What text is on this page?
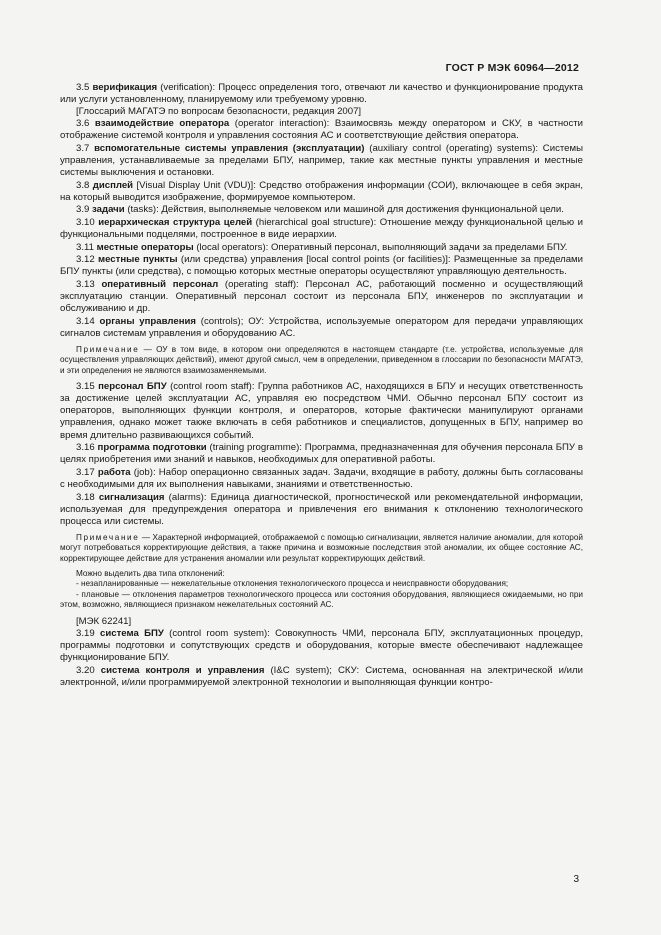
ГОСТ Р МЭК 60964—2012

3.5 верификация (verification): Процесс определения того, отвечают ли качество и функционирование продукта или услуги установленному, планируемому или требуемому уровню.

[Глоссарий МАГАТЭ по вопросам безопасности, редакция 2007]

3.6 взаимодействие оператора (operator interaction): Взаимосвязь между оператором и СКУ, в частности отображение системой контроля и управления состояния АС и соответствующие действия оператора.

3.7 вспомогательные системы управления (эксплуатации) (auxiliary control (operating) systems): Системы управления, устанавливаемые за пределами БПУ, например, такие как местные пункты управления и местные системы выключения и остановки.

3.8 дисплей [Visual Display Unit (VDU)]: Средство отображения информации (СОИ), включающее в себя экран, на который выводится изображение, формируемое компьютером.

3.9 задачи (tasks): Действия, выполняемые человеком или машиной для достижения функциональной цели.

3.10 иерархическая структура целей (hierarchical goal structure): Отношение между функциональной целью и функциональными подцелями, построенное в виде иерархии.

3.11 местные операторы (local operators): Оперативный персонал, выполняющий задачи за пределами БПУ.

3.12 местные пункты (или средства) управления [local control points (or facilities)]: Размещенные за пределами БПУ пункты (или средства), с помощью которых местные операторы осуществляют управляющую деятельность.

3.13 оперативный персонал (operating staff): Персонал АС, работающий посменно и осуществляющий эксплуатацию станции. Оперативный персонал состоит из персонала БПУ, инженеров по эксплуатации и обслуживанию и др.

3.14 органы управления (controls); ОУ: Устройства, используемые оператором для передачи управляющих сигналов системам управления и оборудованию АС.

Примечание — ОУ в том виде, в котором они определяются в настоящем стандарте (т.е. устройства, используемые для осуществления управляющих действий), имеют другой смысл, чем в определении, приведенном в глоссарии по безопасности МАГАТЭ, и эти определения не являются взаимозаменяемыми.

3.15 персонал БПУ (control room staff): Группа работников АС, находящихся в БПУ и несущих ответственность за достижение целей эксплуатации АС, управляя ею посредством ЧМИ. Обычно персонал БПУ состоит из операторов, выполняющих функции контроля, и операторов, которые фактически манипулируют органами управления, однако может также включать в себя работников и специалистов, допущенных в БПУ, например во время длительно развивающихся событий.

3.16 программа подготовки (training programme): Программа, предназначенная для обучения персонала БПУ в целях приобретения ими знаний и навыков, необходимых для оперативной работы.

3.17 работа (job): Набор операционно связанных задач. Задачи, входящие в работу, должны быть согласованы с необходимыми для их выполнения навыками, знаниями и ответственностью.

3.18 сигнализация (alarms): Единица диагностической, прогностической или рекомендательной информации, используемая для предупреждения оператора и привлечения его внимания к отклонению технологического процесса или системы.

Примечание — Характерной информацией, отображаемой с помощью сигнализации, является наличие аномалии, для которой могут потребоваться корректирующие действия, а также причина и возможные последствия этой аномалии, их общее состояние АС, корректирующее действие для устранения аномалии или результат корректирующих действий.

Можно выделить два типа отклонений:

- незапланированные — нежелательные отклонения технологического процесса и неисправности оборудования;

- плановые — отклонения параметров технологического процесса или состояния оборудования, являющиеся ожидаемыми, но при этом, возможно, являющиеся признаком нежелательных состояний АС.

[МЭК 62241]

3.19 система БПУ (control room system): Совокупность ЧМИ, персонала БПУ, эксплуатационных процедур, программы подготовки и сопутствующих средств и оборудования, которые вместе обеспечивают надлежащее функционирование БПУ.

3.20 система контроля и управления (I&C system); СКУ: Система, основанная на электрической и/или электронной, и/или программируемой электронной технологии и выполняющая функции контро-

3
